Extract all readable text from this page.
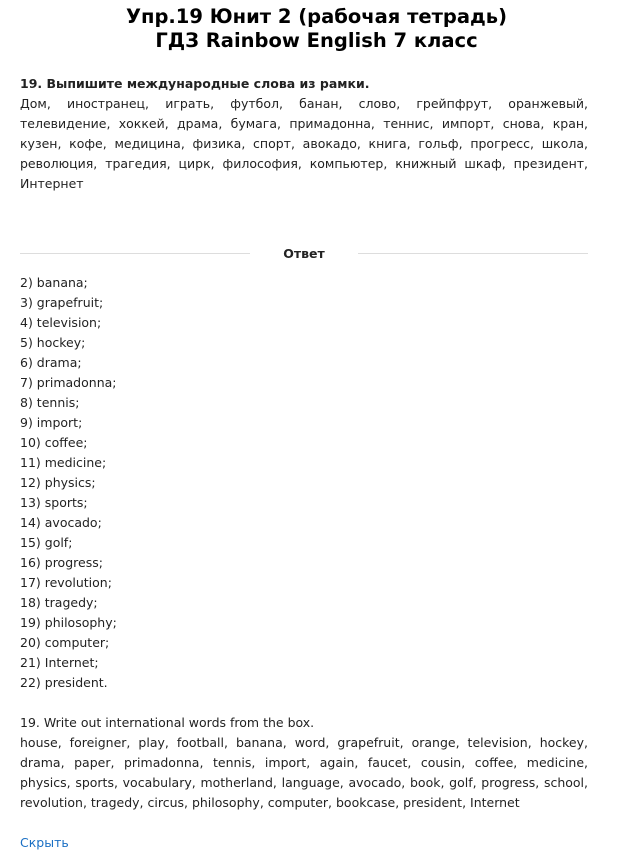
Упр.19 Юнит 2 (рабочая тетрадь)
ГДЗ Rainbow English 7 класс
19. Выпишите международные слова из рамки.
Дом, иностранец, играть, футбол, банан, слово, грейпфрут, оранжевый, телевидение, хоккей, драма, бумага, примадонна, теннис, импорт, снова, кран, кузен, кофе, медицина, физика, спорт, авокадо, книга, гольф, прогресс, школа, революция, трагедия, цирк, философия, компьютер, книжный шкаф, президент, Интернет
Ответ
2) banana;
3) grapefruit;
4) television;
5) hockey;
6) drama;
7) primadonna;
8) tennis;
9) import;
10) coffee;
11) medicine;
12) physics;
13) sports;
14) avocado;
15) golf;
16) progress;
17) revolution;
18) tragedy;
19) philosophy;
20) computer;
21) Internet;
22) president.
19. Write out international words from the box.
house, foreigner, play, football, banana, word, grapefruit, orange, television, hockey, drama, paper, primadonna, tennis, import, again, faucet, cousin, coffee, medicine, physics, sports, vocabulary, motherland, language, avocado, book, golf, progress, school, revolution, tragedy, circus, philosophy, computer, bookcase, president, Internet
Скрыть
